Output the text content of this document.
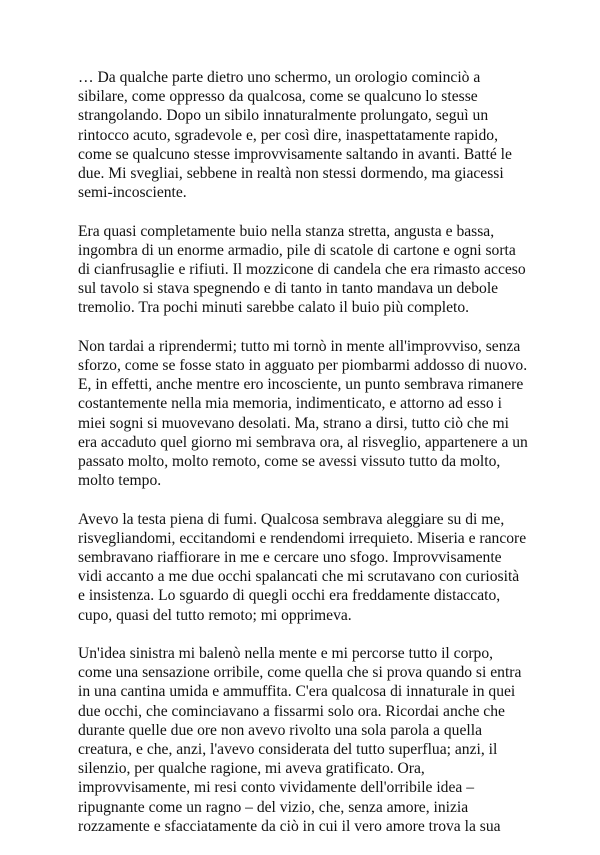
… Da qualche parte dietro uno schermo, un orologio cominciò a sibilare, come oppresso da qualcosa, come se qualcuno lo stesse strangolando. Dopo un sibilo innaturalmente prolungato, seguì un rintocco acuto, sgradevole e, per così dire, inaspettatamente rapido, come se qualcuno stesse improvvisamente saltando in avanti. Batté le due. Mi svegliai, sebbene in realtà non stessi dormendo, ma giacessi semi-incosciente.

Era quasi completamente buio nella stanza stretta, angusta e bassa, ingombra di un enorme armadio, pile di scatole di cartone e ogni sorta di cianfrusaglie e rifiuti. Il mozzicone di candela che era rimasto acceso sul tavolo si stava spegnendo e di tanto in tanto mandava un debole tremolio. Tra pochi minuti sarebbe calato il buio più completo.

Non tardai a riprendermi; tutto mi tornò in mente all'improvviso, senza sforzo, come se fosse stato in agguato per piombarmi addosso di nuovo. E, in effetti, anche mentre ero incosciente, un punto sembrava rimanere costantemente nella mia memoria, indimenticato, e attorno ad esso i miei sogni si muovevano desolati. Ma, strano a dirsi, tutto ciò che mi era accaduto quel giorno mi sembrava ora, al risveglio, appartenere a un passato molto, molto remoto, come se avessi vissuto tutto da molto, molto tempo.

Avevo la testa piena di fumi. Qualcosa sembrava aleggiare su di me, risvegliandomi, eccitandomi e rendendomi irrequieto. Miseria e rancore sembravano riaffiorare in me e cercare uno sfogo. Improvvisamente vidi accanto a me due occhi spalancati che mi scrutavano con curiosità e insistenza. Lo sguardo di quegli occhi era freddamente distaccato, cupo, quasi del tutto remoto; mi opprimeva.

Un'idea sinistra mi balenò nella mente e mi percorse tutto il corpo, come una sensazione orribile, come quella che si prova quando si entra in una cantina umida e ammuffita. C'era qualcosa di innaturale in quei due occhi, che cominciavano a fissarmi solo ora. Ricordai anche che durante quelle due ore non avevo rivolto una sola parola a quella creatura, e che, anzi, l'avevo considerata del tutto superflua; anzi, il silenzio, per qualche ragione, mi aveva gratificato. Ora, improvvisamente, mi resi conto vividamente dell'orribile idea – ripugnante come un ragno – del vizio, che, senza amore, inizia rozzamente e sfacciatamente da ciò in cui il vero amore trova la sua
